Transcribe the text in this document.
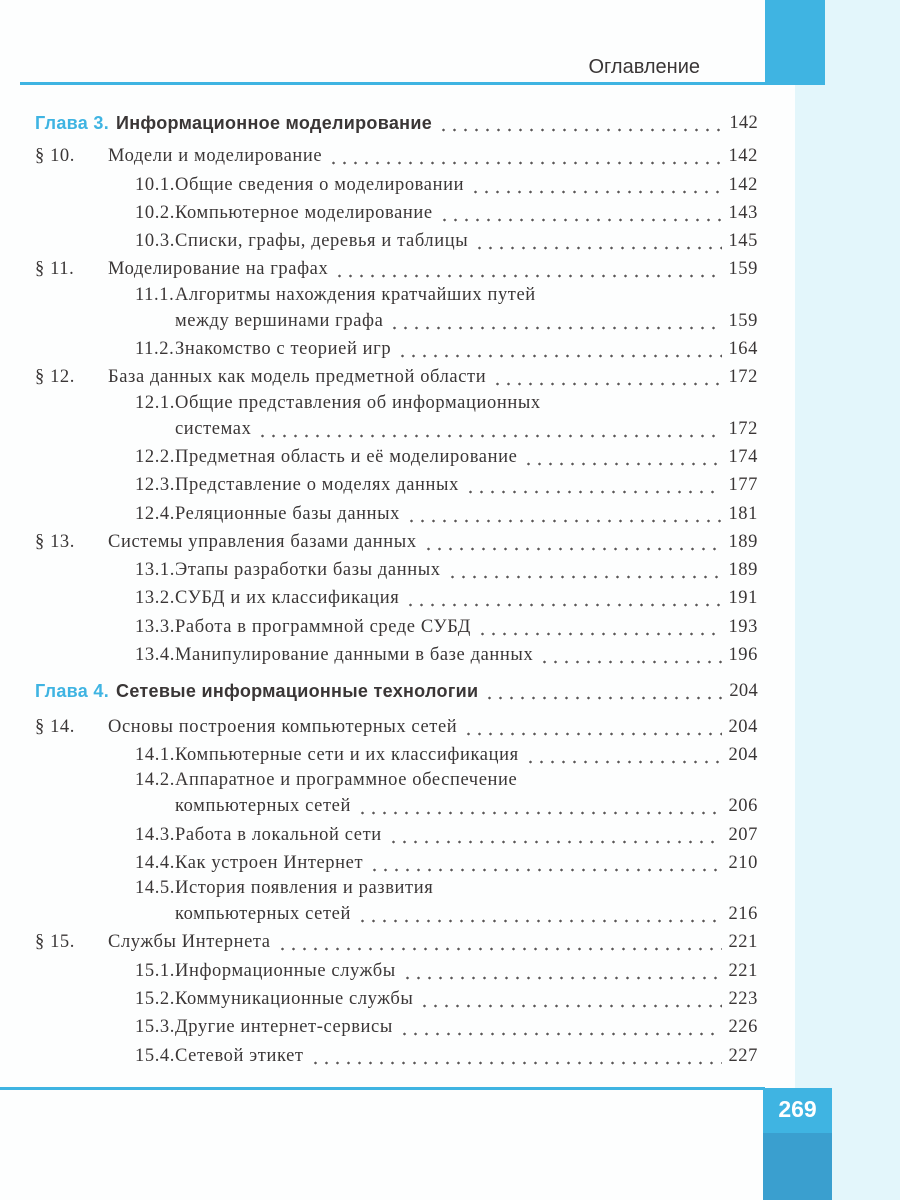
Оглавление
Глава 3. Информационное моделирование	142
§ 10.	Модели и моделирование	142
10.1. Общие сведения о моделировании	142
10.2. Компьютерное моделирование	143
10.3. Списки, графы, деревья и таблицы	145
§ 11.	Моделирование на графах	159
11.1. Алгоритмы нахождения кратчайших путей
между вершинами графа	159
11.2. Знакомство с теорией игр	164
§ 12.	База данных как модель предметной области	172
12.1. Общие представления об информационных
системах	172
12.2. Предметная область и её моделирование	174
12.3. Представление о моделях данных	177
12.4. Реляционные базы данных	181
§ 13.	Системы управления базами данных	189
13.1. Этапы разработки базы данных	189
13.2. СУБД и их классификация	191
13.3. Работа в программной среде СУБД	193
13.4. Манипулирование данными в базе данных	196
Глава 4. Сетевые информационные технологии	204
§ 14.	Основы построения компьютерных сетей	204
14.1. Компьютерные сети и их классификация	204
14.2. Аппаратное и программное обеспечение
компьютерных сетей	206
14.3. Работа в локальной сети	207
14.4. Как устроен Интернет	210
14.5. История появления и развития
компьютерных сетей	216
§ 15.	Службы Интернета	221
15.1. Информационные службы	221
15.2. Коммуникационные службы	223
15.3. Другие интернет-сервисы	226
15.4. Сетевой этикет	227
269
